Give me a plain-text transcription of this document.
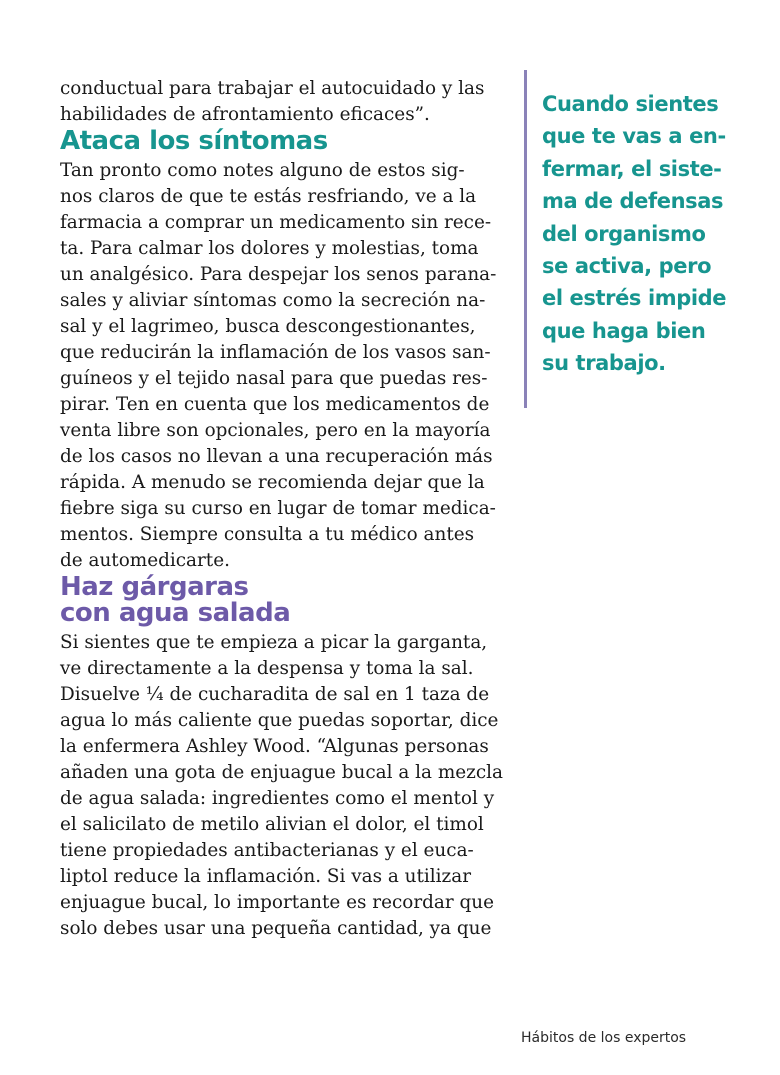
conductual para trabajar el autocuidado y las
habilidades de afrontamiento eficaces”.

Ataca los síntomas

Tan pronto como notes alguno de estos sig-
nos claros de que te estás resfriando, ve a la
farmacia a comprar un medicamento sin rece-
ta. Para calmar los dolores y molestias, toma
un analgésico. Para despejar los senos parana-
sales y aliviar síntomas como la secreción na-
sal y el lagrimeo, busca descongestionantes,
que reducirán la inflamación de los vasos san-
guíneos y el tejido nasal para que puedas res-
pirar. Ten en cuenta que los medicamentos de
venta libre son opcionales, pero en la mayoría
de los casos no llevan a una recuperación más
rápida. A menudo se recomienda dejar que la
fiebre siga su curso en lugar de tomar medica-
mentos. Siempre consulta a tu médico antes
de automedicarte.

Haz gárgaras
con agua salada

Si sientes que te empieza a picar la garganta,
ve directamente a la despensa y toma la sal.
Disuelve ¼ de cucharadita de sal en 1 taza de
agua lo más caliente que puedas soportar, dice
la enfermera Ashley Wood. “Algunas personas
añaden una gota de enjuague bucal a la mezcla
de agua salada: ingredientes como el mentol y
el salicilato de metilo alivian el dolor, el timol
tiene propiedades antibacterianas y el euca-
liptol reduce la inflamación. Si vas a utilizar
enjuague bucal, lo importante es recordar que
solo debes usar una pequeña cantidad, ya que

Cuando sientes
que te vas a en-
fermar, el siste-
ma de defensas
del organismo
se activa, pero
el estrés impide
que haga bien
su trabajo.

Hábitos de los expertos
